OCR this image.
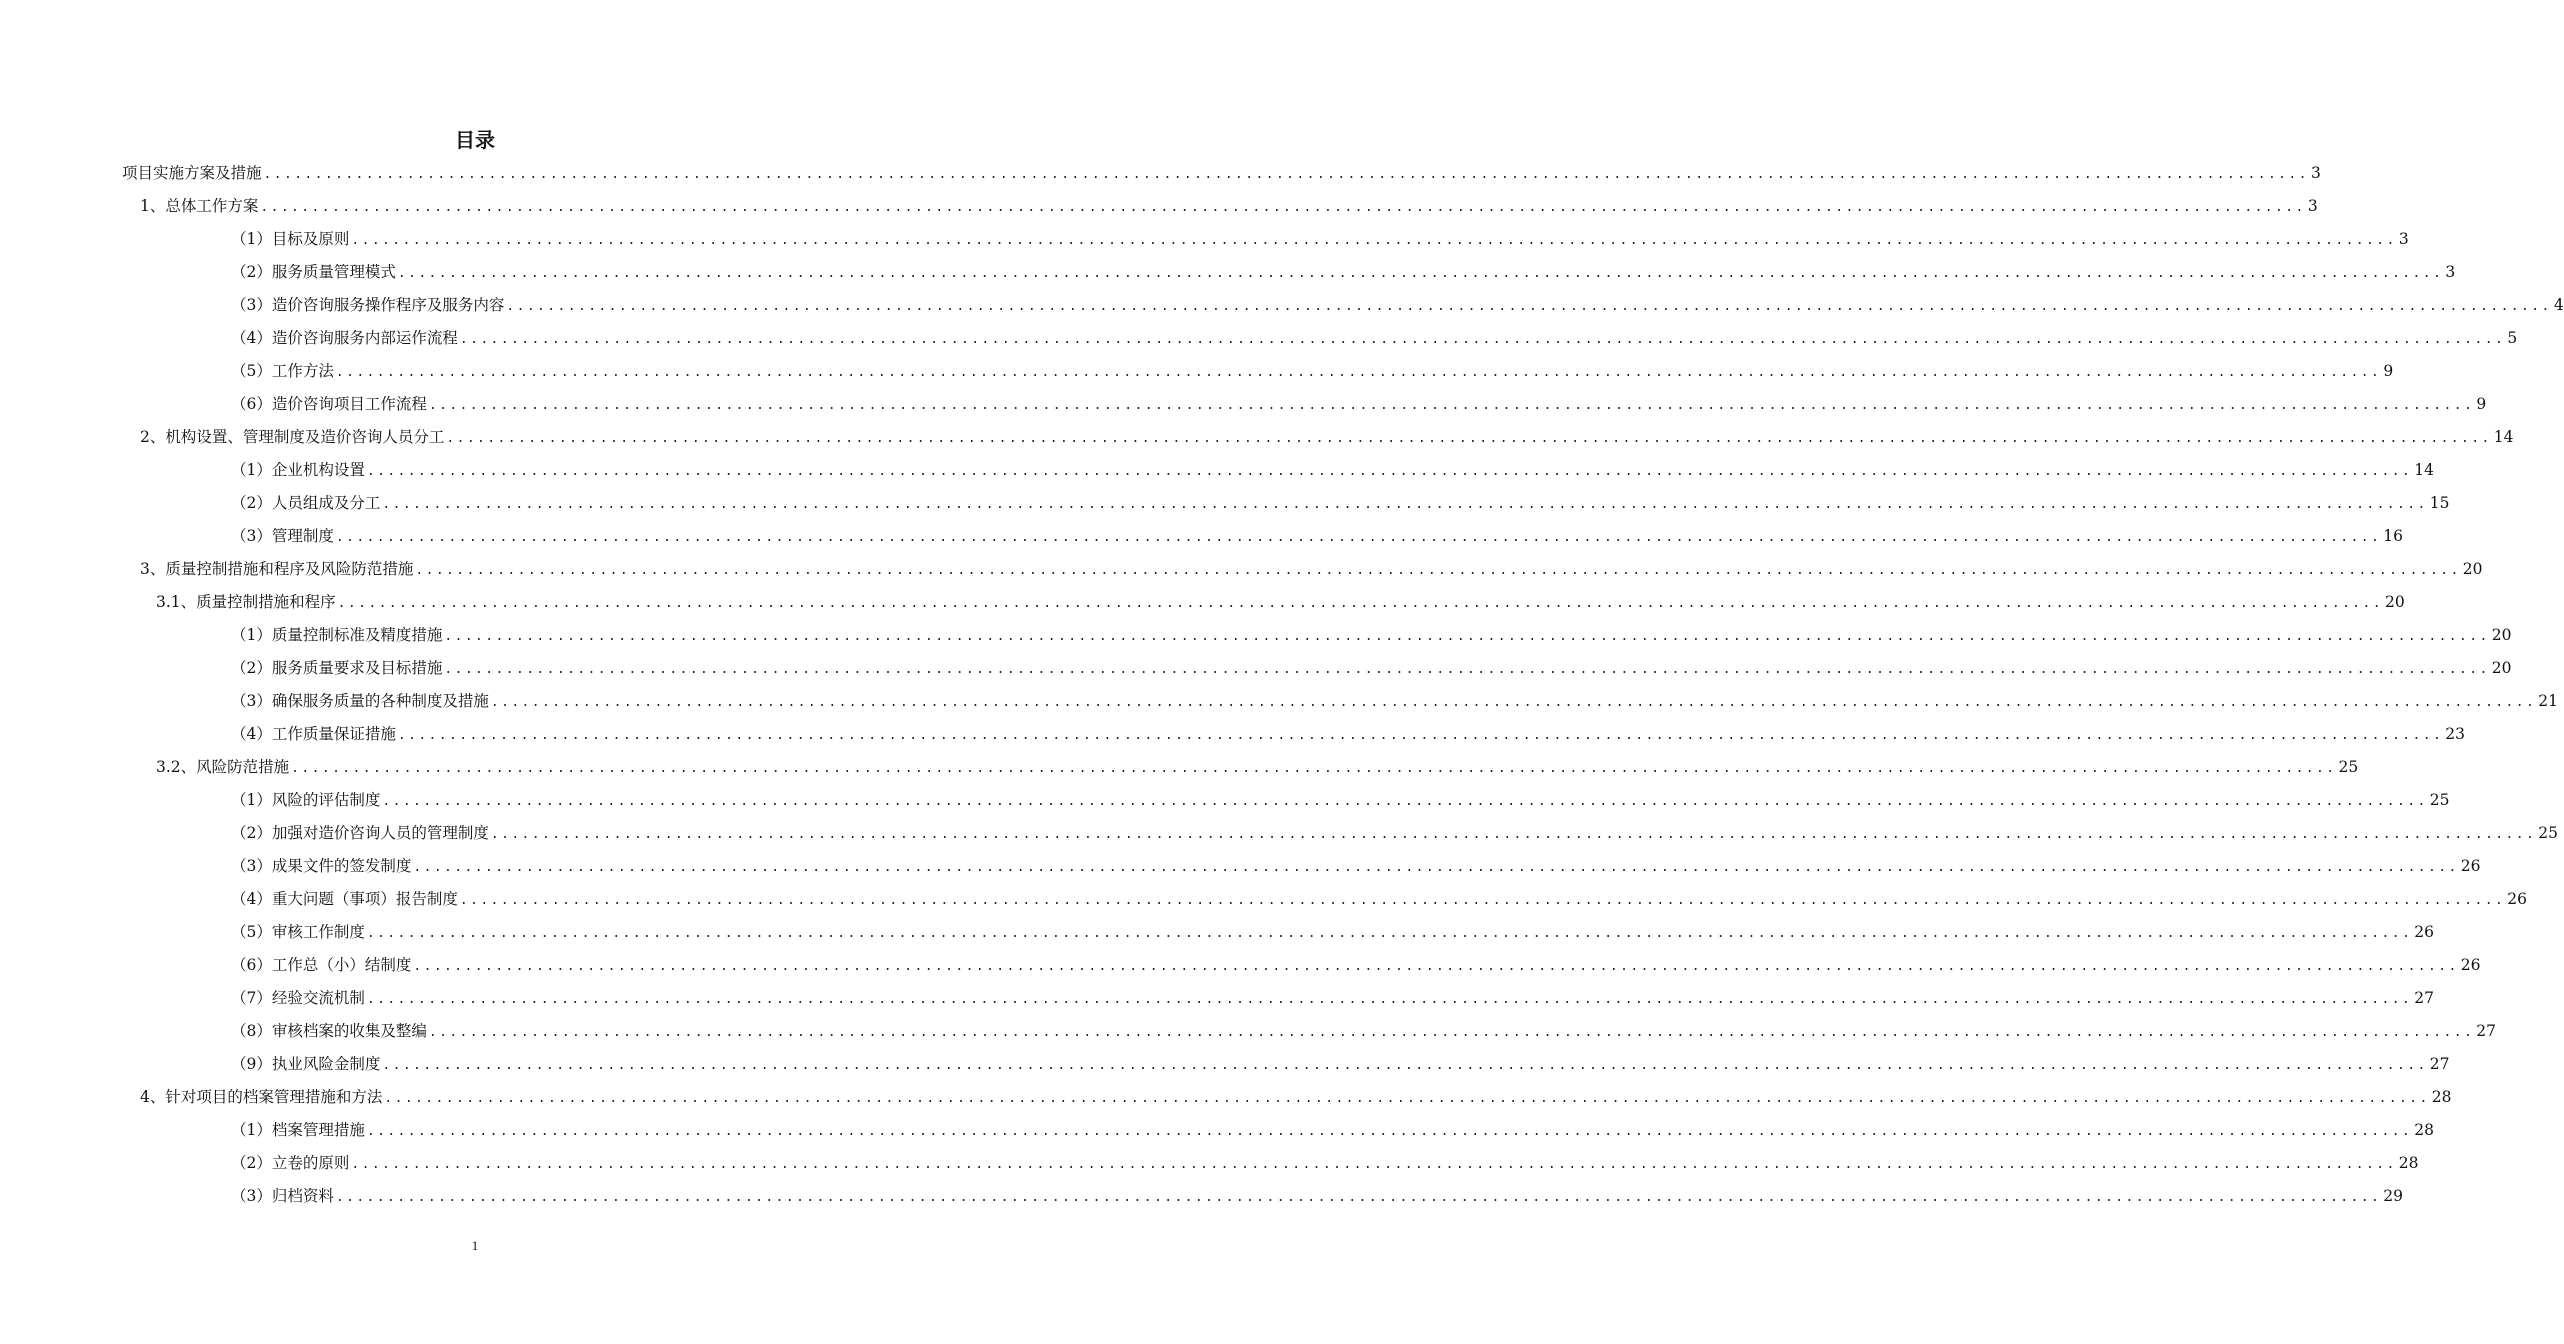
目录
项目实施方案及措施 ........................................................................................................................................................................................................ 3
1、总体工作方案 ........................................................................................................................................................................................................ 3
（1）目标及原则 ........................................................................................................................................................................................................ 3
（2）服务质量管理模式 ........................................................................................................................................................................................................ 3
（3）造价咨询服务操作程序及服务内容 ........................................................................................................................................................................................................ 4
（4）造价咨询服务内部运作流程 ........................................................................................................................................................................................................ 5
（5）工作方法 ........................................................................................................................................................................................................ 9
（6）造价咨询项目工作流程 ........................................................................................................................................................................................................ 9
2、机构设置、管理制度及造价咨询人员分工 ........................................................................................................................................................................................................ 14
（1）企业机构设置 ........................................................................................................................................................................................................ 14
（2）人员组成及分工 ........................................................................................................................................................................................................ 15
（3）管理制度 ........................................................................................................................................................................................................ 16
3、质量控制措施和程序及风险防范措施 ........................................................................................................................................................................................................ 20
3.1、质量控制措施和程序 ........................................................................................................................................................................................................ 20
（1）质量控制标准及精度措施 ........................................................................................................................................................................................................ 20
（2）服务质量要求及目标措施 ........................................................................................................................................................................................................ 20
（3）确保服务质量的各种制度及措施 ........................................................................................................................................................................................................ 21
（4）工作质量保证措施 ........................................................................................................................................................................................................ 23
3.2、风险防范措施 ........................................................................................................................................................................................................ 25
（1）风险的评估制度 ........................................................................................................................................................................................................ 25
（2）加强对造价咨询人员的管理制度 ........................................................................................................................................................................................................ 25
（3）成果文件的签发制度 ........................................................................................................................................................................................................ 26
（4）重大问题（事项）报告制度 ........................................................................................................................................................................................................ 26
（5）审核工作制度 ........................................................................................................................................................................................................ 26
（6）工作总（小）结制度 ........................................................................................................................................................................................................ 26
（7）经验交流机制 ........................................................................................................................................................................................................ 27
（8）审核档案的收集及整编 ........................................................................................................................................................................................................ 27
（9）执业风险金制度 ........................................................................................................................................................................................................ 27
4、针对项目的档案管理措施和方法 ........................................................................................................................................................................................................ 28
（1）档案管理措施 ........................................................................................................................................................................................................ 28
（2）立卷的原则 ........................................................................................................................................................................................................ 28
（3）归档资料 ........................................................................................................................................................................................................ 29
1
